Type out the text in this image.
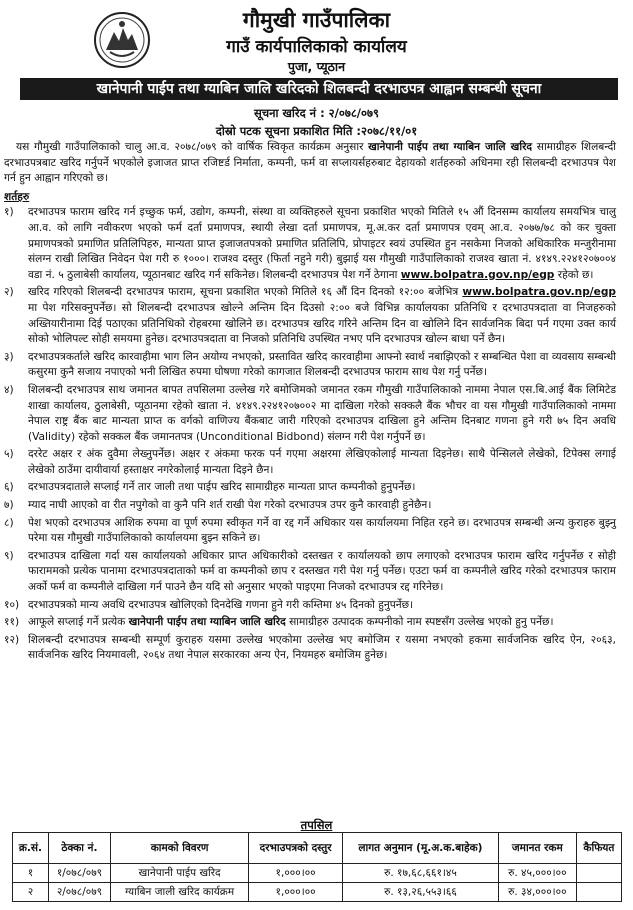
गौमुखी गाउँपालिका
गाउँ कार्यपालिकाको कार्यालय
पुजा, प्यूठान
खानेपानी पाईप तथा ग्याबिन जालि खरिदको शिलबन्दी दरभाउपत्र आह्वान सम्बन्धी सूचना
सूचना खरिद नं : २/०७८/०७९
दोस्रो पटक सूचना प्रकाशित मिति :२०७८/११/०१

यस गौमुखी गाउँपालिकाको चालु आ.व. २०७८/०७९ को वार्षिक स्विकृत कार्यक्रम अनुसार खानेपानी पाईप तथा ग्याबिन जालि खरिद सामाग्रीहरु शिलबन्दी दरभाउपत्रबाट खरिद गर्नुपर्ने भएकोले इजाजत प्राप्त रजिष्टर्ड निर्माता, कम्पनी, फर्म वा सप्लायर्सहरुबाट देहायको शर्तहरुको अधिनमा रही सिलबन्दी दरभाउपत्र पेश गर्न हुन आह्वान गरिएको छ।

शर्तहरु

१) दरभाउपत्र फाराम खरिद गर्न इच्छुक फर्म, उद्योग, कम्पनी, संस्था वा व्यक्तिहरुले सूचना प्रकाशित भएको मितिले १५ औं दिनसम्म कार्यालय समयभित्र चालु आ.व. को लागि नवीकरण भएको फर्म दर्ता प्रमाणपत्र, स्थायी लेखा दर्ता प्रमाणपत्र, मू.अ.कर दर्ता प्रमाणपत्र एवम् आ.व. २०७७/७८ को कर चुक्ता प्रमाणपत्रको प्रमाणित प्रतिलिपिहरु, मान्यता प्राप्त इजाजतपत्रको प्रमाणित प्रतिलिपि, प्रोपाइटर स्वयं उपस्थित हुन नसकेमा निजको अधिकारिक मन्जुरीनामा संलग्न राखी लिखित निवेदन पेश गरी रु १०००। राजश्व दस्तुर (फिर्ता नहुने गरी) बुझाई यस गौमुखी गाउँपालिकाको राजश्व खाता नं. ४१४९.२२४१२०७००४ वडा नं. ५ ठुलाबेसी कार्यालय, प्यूठानबाट खरिद गर्न सकिनेछ। शिलबन्दी दरभाउपत्र पेश गर्ने ठेगाना www.bolpatra.gov.np/egp रहेको छ।
२) खरिद गरिएको शिलबन्दी दरभाउपत्र फाराम, सूचना प्रकाशित भएको मितिले १६ औं दिन दिनको १२:०० बजेभित्र www.bolpatra.gov.np/egp मा पेश गरिसक्नुपर्नेछ। सो शिलबन्दी दरभाउपत्र खोल्ने अन्तिम दिन दिउसो २:०० बजे विभिन्न कार्यालयका प्रतिनिधि र दरभाउपत्रदाता वा निजहरुको अख्तियारीनामा दिई पठाएका प्रतिनिधिको रोहबरमा खोलिने छ। दरभाउपत्र खरिद गरिने अन्तिम दिन वा खोलिने दिन सार्वजनिक बिदा पर्न गएमा उक्त कार्य सोको भोलिपल्ट सोही समयमा हुनेछ। दरभाउपत्रदाता वा निजको प्रतिनिधि उपस्थित नभए पनि दरभाउपत्र खोल्न बाधा पर्ने छैन।
३) दरभाउपत्रकर्ताले खरिद कारवाहीमा भाग लिन अयोग्य नभएको, प्रस्तावित खरिद कारवाहीमा आफ्नो स्वार्थ नबाझिएको र सम्बन्धित पेशा वा व्यवसाय सम्बन्धी कसुरमा कुनै सजाय नपाएको भनी लिखित रुपमा घोषणा गरेको कागजात शिलबन्दी दरभाउपत्र फाराम साथ पेश गर्नु पर्नेछ।
४) शिलबन्दी दरभाउपत्र साथ जमानत बापत तपसिलमा उल्लेख गरे बमोजिमको जमानत रकम गौमुखी गाउँपालिकाको नाममा नेपाल एस.बि.आई बैंक लिमिटेड शाखा कार्यालय, ठुलाबेसी, प्यूठानमा रहेको खाता नं. ४१४९.२२४१२०७००२ मा दाखिला गरेको सक्कलै बैंक भौचर वा यस गौमुखी गाउँपालिकाको नाममा नेपाल राष्ट्र बैंक बाट मान्यता प्राप्त क वर्गको वाणिज्य बैंकबाट जारी गरिएको दरभाउपत्र दाखिला हुने अन्तिम दिनबाट गणना हुने गरी ७५ दिन अवधि (Validity) रहेको सक्कल बैंक जमानतपत्र (Unconditional Bidbond) संलग्न गरी पेश गर्नुपर्ने छ।
५) दररेट अक्षर र अंक दुवैमा लेख्नुपर्नेछ। अक्षर र अंकमा फरक पर्न गएमा अक्षरमा लेखिएकोलाई मान्यता दिइनेछ। साथै पेन्सिलले लेखेको, टिपेक्स लगाई लेखेको ठाउँमा दायीवार्या हस्ताक्षर नगरेकोलाई मान्यता दिइने छैन।
६) दरभाउपत्रदाताले सप्लाई गर्ने तार जाली तथा पाईप खरिद सामाग्रीहरु मान्यता प्राप्त कम्पनीको हुनुपर्नेछ।
७) म्याद नाघी आएको वा रीत नपुगेको वा कुनै पनि शर्त राखी पेश गरेको दरभाउपत्र उपर कुनै कारवाही हुनेछैन।
८) पेश भएको दरभाउपत्र आशिक रुपमा वा पूर्ण रुपमा स्वीकृत गर्ने वा रद्द गर्ने अधिकार यस कार्यालयमा निहित रहने छ। दरभाउपत्र सम्बन्धी अन्य कुराहरु बुझ्नु परेमा यस गौमुखी गाउँपालिकाको कार्यालयमा बुझ्न सकिने छ।
९) दरभाउपत्र दाखिला गर्दा यस कार्यालयको अधिकार प्राप्त अधिकारीको दस्तखत र कार्यालयको छाप लगाएको दरभाउपत्र फाराम खरिद गर्नुपर्नेछ र सोही फाराममको प्रत्येक पानामा दरभाउपत्रदाताको फर्म वा कम्पनीको छाप र दस्तखत गरी पेश गर्नु पर्नेछ। एउटा फर्म वा कम्पनीले खरिद गरेको दरभाउपत्र फाराम अर्को फर्म वा कम्पनीले दाखिला गर्न पाउने छैन यदि सो अनुसार भएको पाइएमा निजको दरभाउपत्र रद्द गरिनेछ।
१०) दरभाउपत्रको मान्य अवधि दरभाउपत्र खोलिएको दिनदेखि गणना हुने गरी कम्तिमा ४५ दिनको हुनुपर्नेछ।
११) आफूले सप्लाई गर्ने प्रत्येक खानेपानी पाईप तथा ग्याबिन जालि खरिद सामाग्रीहरु उत्पादक कम्पनीको नाम स्पष्टसँग उल्लेख भएको हुनु पर्नेछ।
१२) शिलबन्दी दरभाउपत्र सम्बन्धी सम्पूर्ण कुराहरु यसमा उल्लेख भएकोमा उल्लेख भए बमोजिम र यसमा नभएको हकमा सार्वजनिक खरिद ऐन, २०६३, सार्वजनिक खरिद नियमावली, २०६४ तथा नेपाल सरकारका अन्य ऐन, नियमहरु बमोजिम हुनेछ।
तपसिल
क्र.सं.	ठेक्का नं.	कामको विवरण	दरभाउपत्रको दस्तुर	लागत अनुमान (मू.अ.क.बाहेक)	जमानत रकम	कैफियत
१	१/०७८/०७९	खानेपानी पाईप खरिद	१,०००।००	रु. १७,६८,६६१।४५	रु. ४५,०००।००	
२	२/०७८/०७९	ग्याबिन जाली खरिद कार्यक्रम	१,०००।००	रु. १३,२६,५५३।६६	रु. ३४,०००।००	
